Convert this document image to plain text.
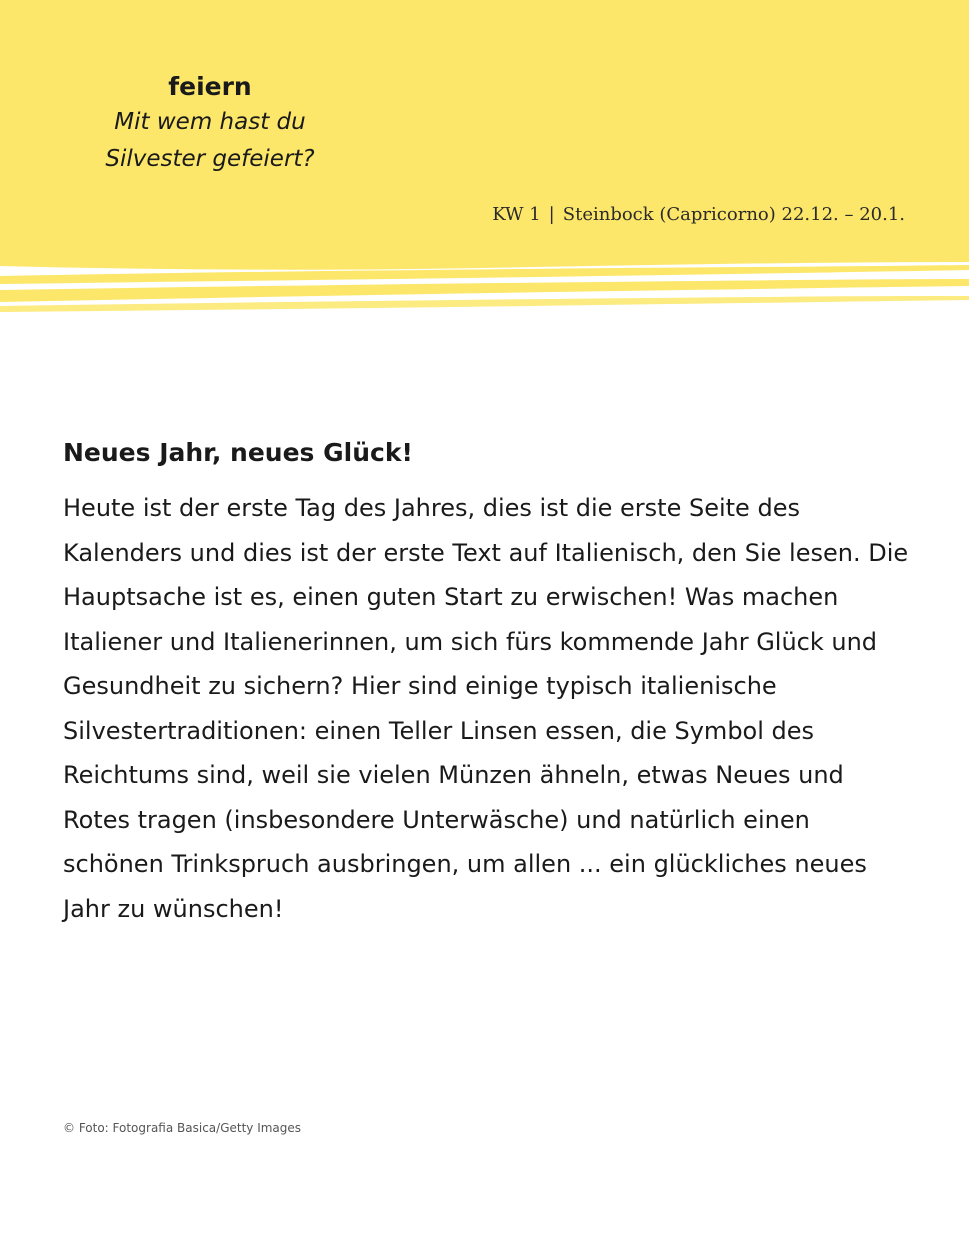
feiern
Mit wem hast du
Silvester gefeiert?
KW 1 | Steinbock (Capricorno) 22.12. – 20.1.
Neues Jahr, neues Glück!

Heute ist der erste Tag des Jahres, dies ist die erste Seite des Kalenders und dies ist der erste Text auf Italienisch, den Sie lesen. Die Hauptsache ist es, einen guten Start zu erwischen! Was machen Italiener und Italienerinnen, um sich fürs kommende Jahr Glück und Gesundheit zu sichern? Hier sind einige typisch italienische Silvestertraditionen: einen Teller Linsen essen, die Symbol des Reichtums sind, weil sie vielen Münzen ähneln, etwas Neues und Rotes tragen (insbesondere Unterwäsche) und natürlich einen schönen Trinkspruch ausbringen, um allen ... ein glückliches neues Jahr zu wünschen!

© Foto: Fotografia Basica/Getty Images
